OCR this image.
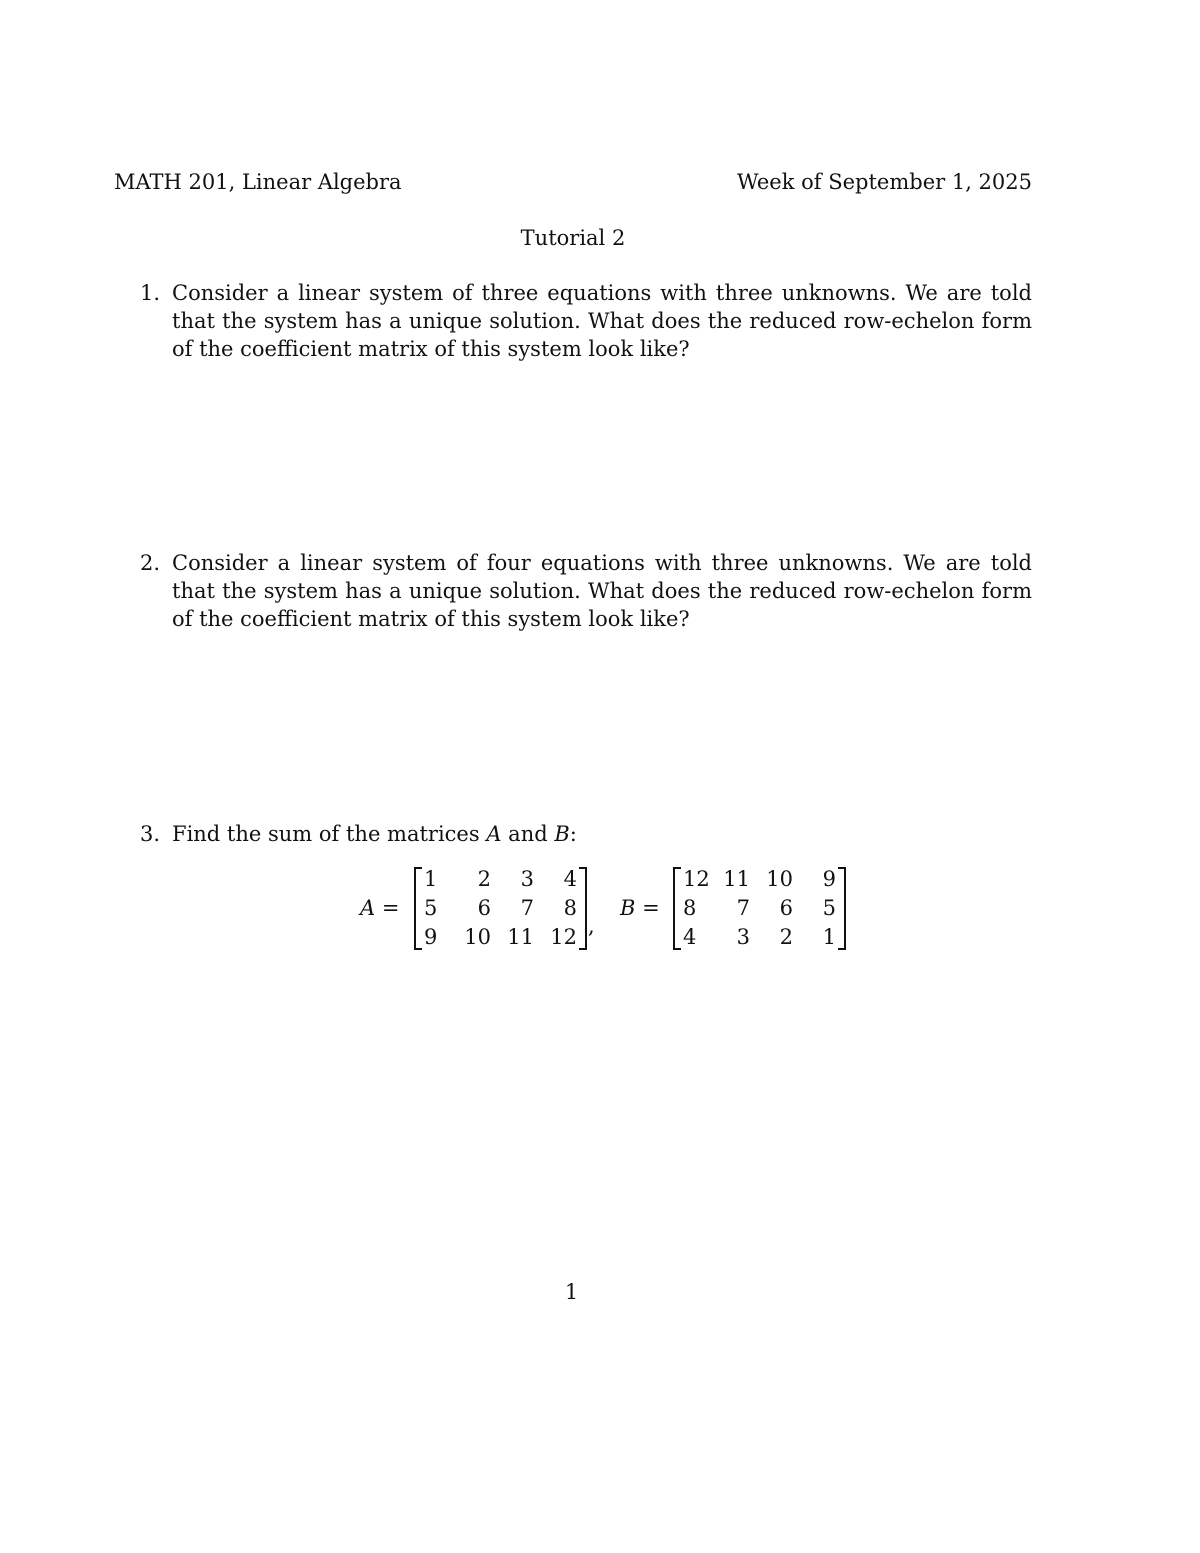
MATH 201, Linear Algebra	Week of September 1, 2025
Tutorial 2
1. Consider a linear system of three equations with three unknowns. We are told that the system has a unique solution. What does the reduced row-echelon form of the coefficient matrix of this system look like?
2. Consider a linear system of four equations with three unknowns. We are told that the system has a unique solution. What does the reduced row-echelon form of the coefficient matrix of this system look like?
3. Find the sum of the matrices A and B:
A =
1	2	3	4
5	6	7	8
9	10 11 12
B =
12 11 10	9
8	7	6	5
4	3	2	1
,
1
